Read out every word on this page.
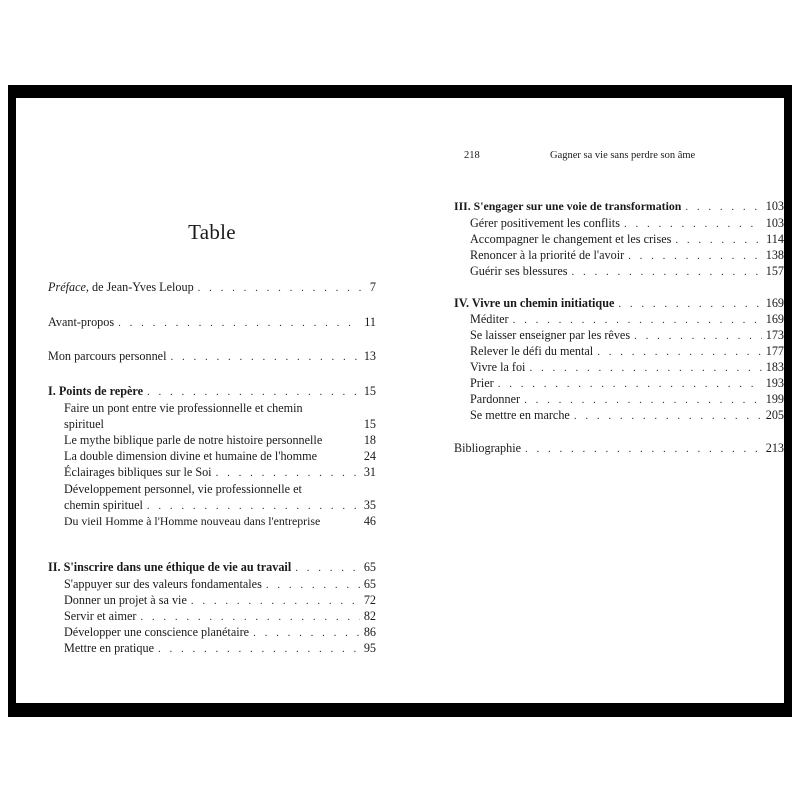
Table
Préface, de Jean-Yves Leloup . . .	7
Avant-propos . . .	11
Mon parcours personnel . . .	13
I. Points de repère . . .	15
Faire un pont entre vie professionnelle et chemin
spirituel	15
Le mythe biblique parle de notre histoire personnelle	18
La double dimension divine et humaine de l'homme	24
Éclairages bibliques sur le Soi . . .	31
Développement personnel, vie professionnelle et
chemin spirituel . . .	35
Du vieil Homme à l'Homme nouveau dans l'entreprise	46
II. S'inscrire dans une éthique de vie au travail . . .	65
S'appuyer sur des valeurs fondamentales . . .	65
Donner un projet à sa vie . . .	72
Servir et aimer . . .	82
Développer une conscience planétaire . . .	86
Mettre en pratique . . .	95
218	Gagner sa vie sans perdre son âme
III. S'engager sur une voie de transformation . . .	103
Gérer positivement les conflits . . .	103
Accompagner le changement et les crises . . .	114
Renoncer à la priorité de l'avoir . . .	138
Guérir ses blessures . . .	157
IV. Vivre un chemin initiatique . . .	169
Méditer . . .	169
Se laisser enseigner par les rêves . . .	173
Relever le défi du mental . . .	177
Vivre la foi . . .	183
Prier . . .	193
Pardonner . . .	199
Se mettre en marche . . .	205
Bibliographie . . .	213
